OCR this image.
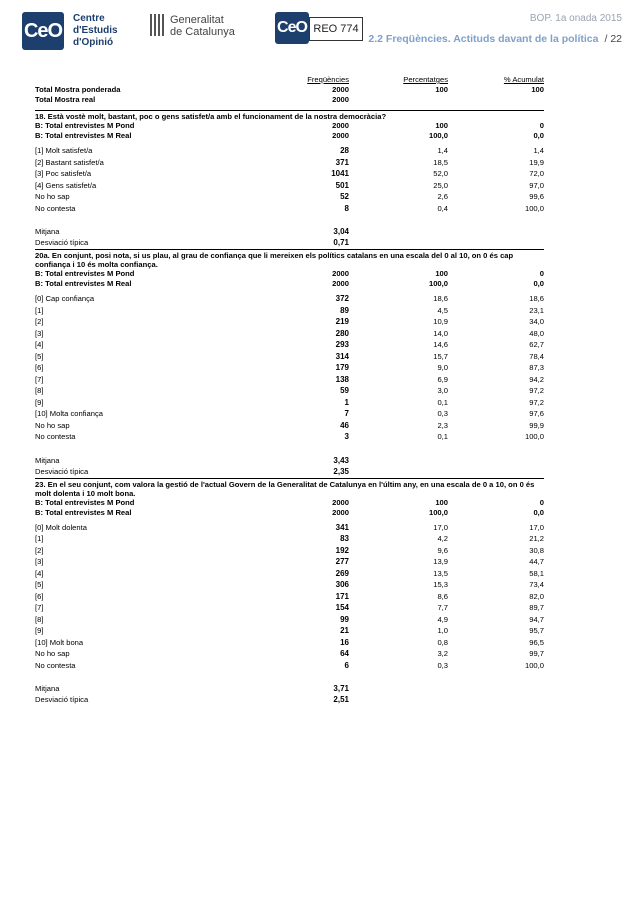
CeO
Centre
d'Estudis
d'Opinió
Generalitat
de Catalunya	CeO REO 774
BOP. 1a onada 2015
2.2 Freqüències. Actituds davant de la política / 22
Freqüències	Percentatges	% Acumulat
Total Mostra ponderada	2000	100	100
Total Mostra real	2000
18. Està vostè molt, bastant, poc o gens satisfet/a amb el funcionament de la nostra democràcia?
B: Total entrevistes M Pond	2000	100	0
B: Total entrevistes M Real	2000	100,0	0,0
[1] Molt satisfet/a	28	1,4	1,4
[2] Bastant satisfet/a	371	18,5	19,9
[3] Poc satisfet/a	1041	52,0	72,0
[4] Gens satisfet/a	501	25,0	97,0
No ho sap	52	2,6	99,6
No contesta	8	0,4	100,0
Mitjana	3,04
Desviació típica	0,71
20a. En conjunt, posi nota, si us plau, al grau de confiança que li mereixen els polítics catalans en una escala del 0 al 10, on 0 és cap confiança i 10 és molta confiança.
B: Total entrevistes M Pond	2000	100	0
B: Total entrevistes M Real	2000	100,0	0,0
[0] Cap confiança	372	18,6	18,6
[1]	89	4,5	23,1
[2]	219	10,9	34,0
[3]	280	14,0	48,0
[4]	293	14,6	62,7
[5]	314	15,7	78,4
[6]	179	9,0	87,3
[7]	138	6,9	94,2
[8]	59	3,0	97,2
[9]	1	0,1	97,2
[10] Molta confiança	7	0,3	97,6
No ho sap	46	2,3	99,9
No contesta	3	0,1	100,0
Mitjana	3,43
Desviació típica	2,35
23. En el seu conjunt, com valora la gestió de l'actual Govern de la Generalitat de Catalunya en l'últim any, en una escala de 0 a 10, on 0 és molt dolenta i 10 molt bona.
B: Total entrevistes M Pond	2000	100	0
B: Total entrevistes M Real	2000	100,0	0,0
[0] Molt dolenta	341	17,0	17,0
[1]	83	4,2	21,2
[2]	192	9,6	30,8
[3]	277	13,9	44,7
[4]	269	13,5	58,1
[5]	306	15,3	73,4
[6]	171	8,6	82,0
[7]	154	7,7	89,7
[8]	99	4,9	94,7
[9]	21	1,0	95,7
[10] Molt bona	16	0,8	96,5
No ho sap	64	3,2	99,7
No contesta	6	0,3	100,0
Mitjana	3,71
Desviació típica	2,51
